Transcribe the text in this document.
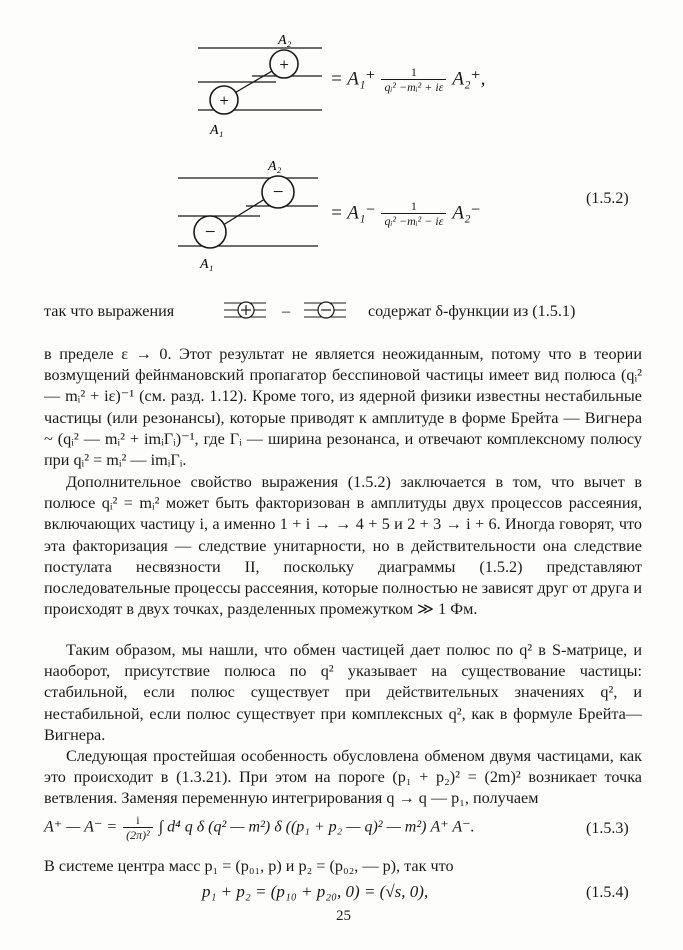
+
+
A₂
A₁
= $A_1^+ \frac{1}{\text{qᵢ² −mᵢ² + iε}} A_2^+$,
−
−
A₂
A₁
= $A_1^- \frac{1}{\text{qᵢ² −mᵢ² − iε}} A_2^-$
(1.5.2)
так что выражения	–	содержат δ-функции из (1.5.1)

в пределе ε → 0. Этот результат не является неожиданным, потому что в теории возмущений фейнмановский пропагатор бесспиновой частицы имеет вид полюса (qᵢ² — mᵢ² + iε)⁻¹ (см. разд. 1.12). Кроме того, из ядерной физики известны нестабильные частицы (или резонансы), которые приводят к амплитуде в форме Брейта — Вигнера ~ (qᵢ² — mᵢ² + imᵢΓᵢ)⁻¹, где Γᵢ — ширина резонанса, и отвечают комплексному полюсу при qᵢ² = mᵢ² — imᵢΓᵢ.

Дополнительное свойство выражения (1.5.2) заключается в том, что вычет в полюсе qᵢ² = mᵢ² может быть факторизован в амплитуды двух процессов рассеяния, включающих частицу i, а именно 1 + i → → 4 + 5 и 2 + 3 → i + 6. Иногда говорят, что эта факторизация — следствие унитарности, но в действительности она следствие постулата несвязности II, поскольку диаграммы (1.5.2) представляют последовательные процессы рассеяния, которые полностью не зависят друг от друга и происходят в двух точках, разделенных промежутком ≫ 1 Фм.

Таким образом, мы нашли, что обмен частицей дает полюс по q² в S-матрице, и наоборот, присутствие полюса по q² указывает на существование частицы: стабильной, если полюс существует при действительных значениях q², и нестабильной, если полюс существует при комплексных q², как в формуле Брейта—Вигнера.

Следующая простейшая особенность обусловлена обменом двумя частицами, как это происходит в (1.3.21). При этом на пороге (p₁ + p₂)² = (2m)² возникает точка ветвления. Заменяя переменную интегрирования q → q — p₁, получаем

A⁺ — $A^- = \frac{i}{\text{(2π)²}}$ ∫ d⁴ q δ (q² — m²) δ ((p₁ + p₂ — q)² — m²) A⁺ A⁻.	(1.5.3)

В системе центра масс p₁ = (p₀₁, p) и p₂ = (p₀₂, — p), так что

p₁ + p₂ = (p₁₀ + p₂₀, 0) = (√s, 0),	(1.5.4)
25
